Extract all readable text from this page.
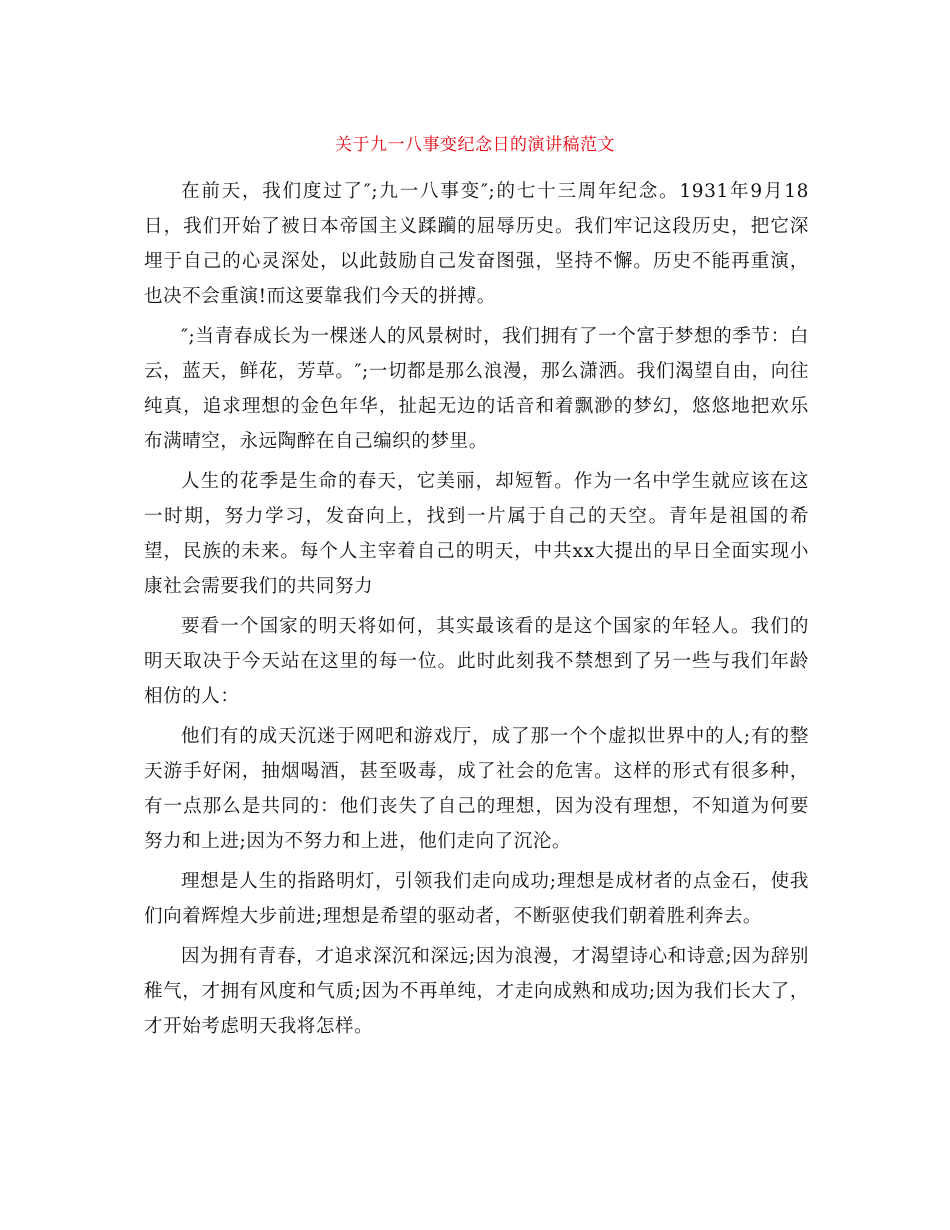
关于九一八事变纪念日的演讲稿范文

在前天，我们度过了″;九一八事变″;的七十三周年纪念。1931年9月18日，我们开始了被日本帝国主义蹂躏的屈辱历史。我们牢记这段历史，把它深埋于自己的心灵深处，以此鼓励自己发奋图强，坚持不懈。历史不能再重演，也决不会重演!而这要靠我们今天的拼搏。

″;当青春成长为一棵迷人的风景树时，我们拥有了一个富于梦想的季节：白云，蓝天，鲜花，芳草。″;一切都是那么浪漫，那么潇洒。我们渴望自由，向往纯真，追求理想的金色年华，扯起无边的话音和着飘渺的梦幻，悠悠地把欢乐布满晴空，永远陶醉在自己编织的梦里。

人生的花季是生命的春天，它美丽，却短暂。作为一名中学生就应该在这一时期，努力学习，发奋向上，找到一片属于自己的天空。青年是祖国的希望，民族的未来。每个人主宰着自己的明天，中共xx大提出的早日全面实现小康社会需要我们的共同努力

要看一个国家的明天将如何，其实最该看的是这个国家的年轻人。我们的明天取决于今天站在这里的每一位。此时此刻我不禁想到了另一些与我们年龄相仿的人：

他们有的成天沉迷于网吧和游戏厅，成了那一个个虚拟世界中的人;有的整天游手好闲，抽烟喝酒，甚至吸毒，成了社会的危害。这样的形式有很多种，有一点那么是共同的：他们丧失了自己的理想，因为没有理想，不知道为何要努力和上进;因为不努力和上进，他们走向了沉沦。

理想是人生的指路明灯，引领我们走向成功;理想是成材者的点金石，使我们向着辉煌大步前进;理想是希望的驱动者，不断驱使我们朝着胜利奔去。

因为拥有青春，才追求深沉和深远;因为浪漫，才渴望诗心和诗意;因为辞别稚气，才拥有风度和气质;因为不再单纯，才走向成熟和成功;因为我们长大了，才开始考虑明天我将怎样。
